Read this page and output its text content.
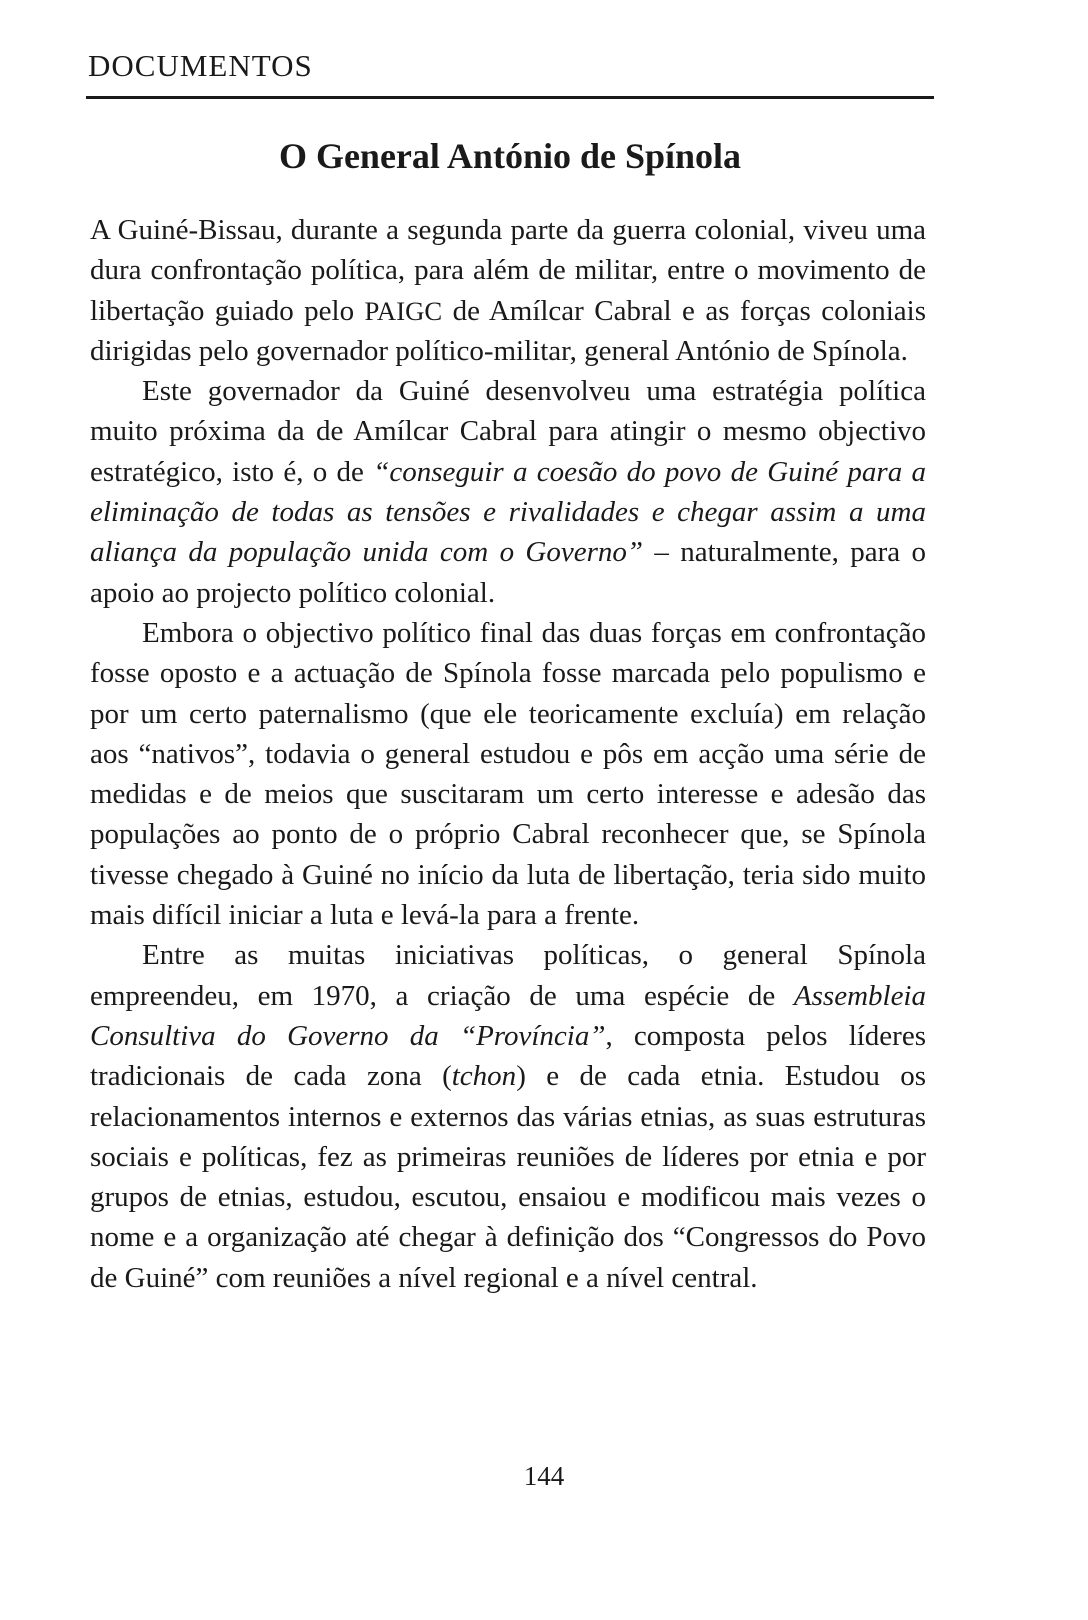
DOCUMENTOS
O General António de Spínola

A Guiné-Bissau, durante a segunda parte da guerra colonial, viveu uma dura confrontação política, para além de militar, entre o movimento de libertação guiado pelo PAIGC de Amílcar Cabral e as forças coloniais dirigidas pelo governador político-militar, general António de Spínola.

Este governador da Guiné desenvolveu uma estratégia política muito próxima da de Amílcar Cabral para atingir o mesmo objectivo estratégico, isto é, o de “conseguir a coesão do povo de Guiné para a eliminação de todas as tensões e rivalidades e chegar assim a uma aliança da população unida com o Governo” – naturalmente, para o apoio ao projecto político colonial.

Embora o objectivo político final das duas forças em confrontação fosse oposto e a actuação de Spínola fosse marcada pelo populismo e por um certo paternalismo (que ele teoricamente excluía) em relação aos “nativos”, todavia o general estudou e pôs em acção uma série de medidas e de meios que suscitaram um certo interesse e adesão das populações ao ponto de o próprio Cabral reconhecer que, se Spínola tivesse chegado à Guiné no início da luta de libertação, teria sido muito mais difícil iniciar a luta e levá-la para a frente.

Entre as muitas iniciativas políticas, o general Spínola empreendeu, em 1970, a criação de uma espécie de Assembleia Consultiva do Governo da “Província”, composta pelos líderes tradicionais de cada zona (tchon) e de cada etnia. Estudou os relacionamentos internos e externos das várias etnias, as suas estruturas sociais e políticas, fez as primeiras reuniões de líderes por etnia e por grupos de etnias, estudou, escutou, ensaiou e modificou mais vezes o nome e a organização até chegar à definição dos “Congressos do Povo de Guiné” com reuniões a nível regional e a nível central.

144
